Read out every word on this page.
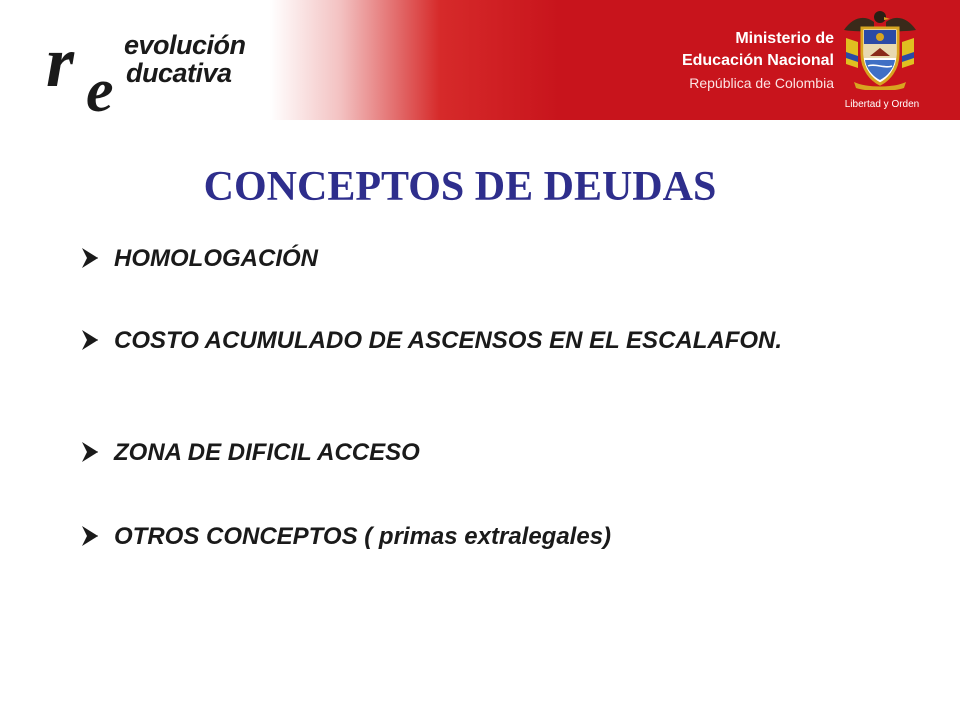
r e
evolución
ducativa
Ministerio de
Educación Nacional
República de Colombia
Libertad y Orden
CONCEPTOS DE DEUDAS
HOMOLOGACIÓN
COSTO ACUMULADO DE ASCENSOS EN EL ESCALAFON.
ZONA DE DIFICIL ACCESO
OTROS CONCEPTOS ( primas extralegales)
